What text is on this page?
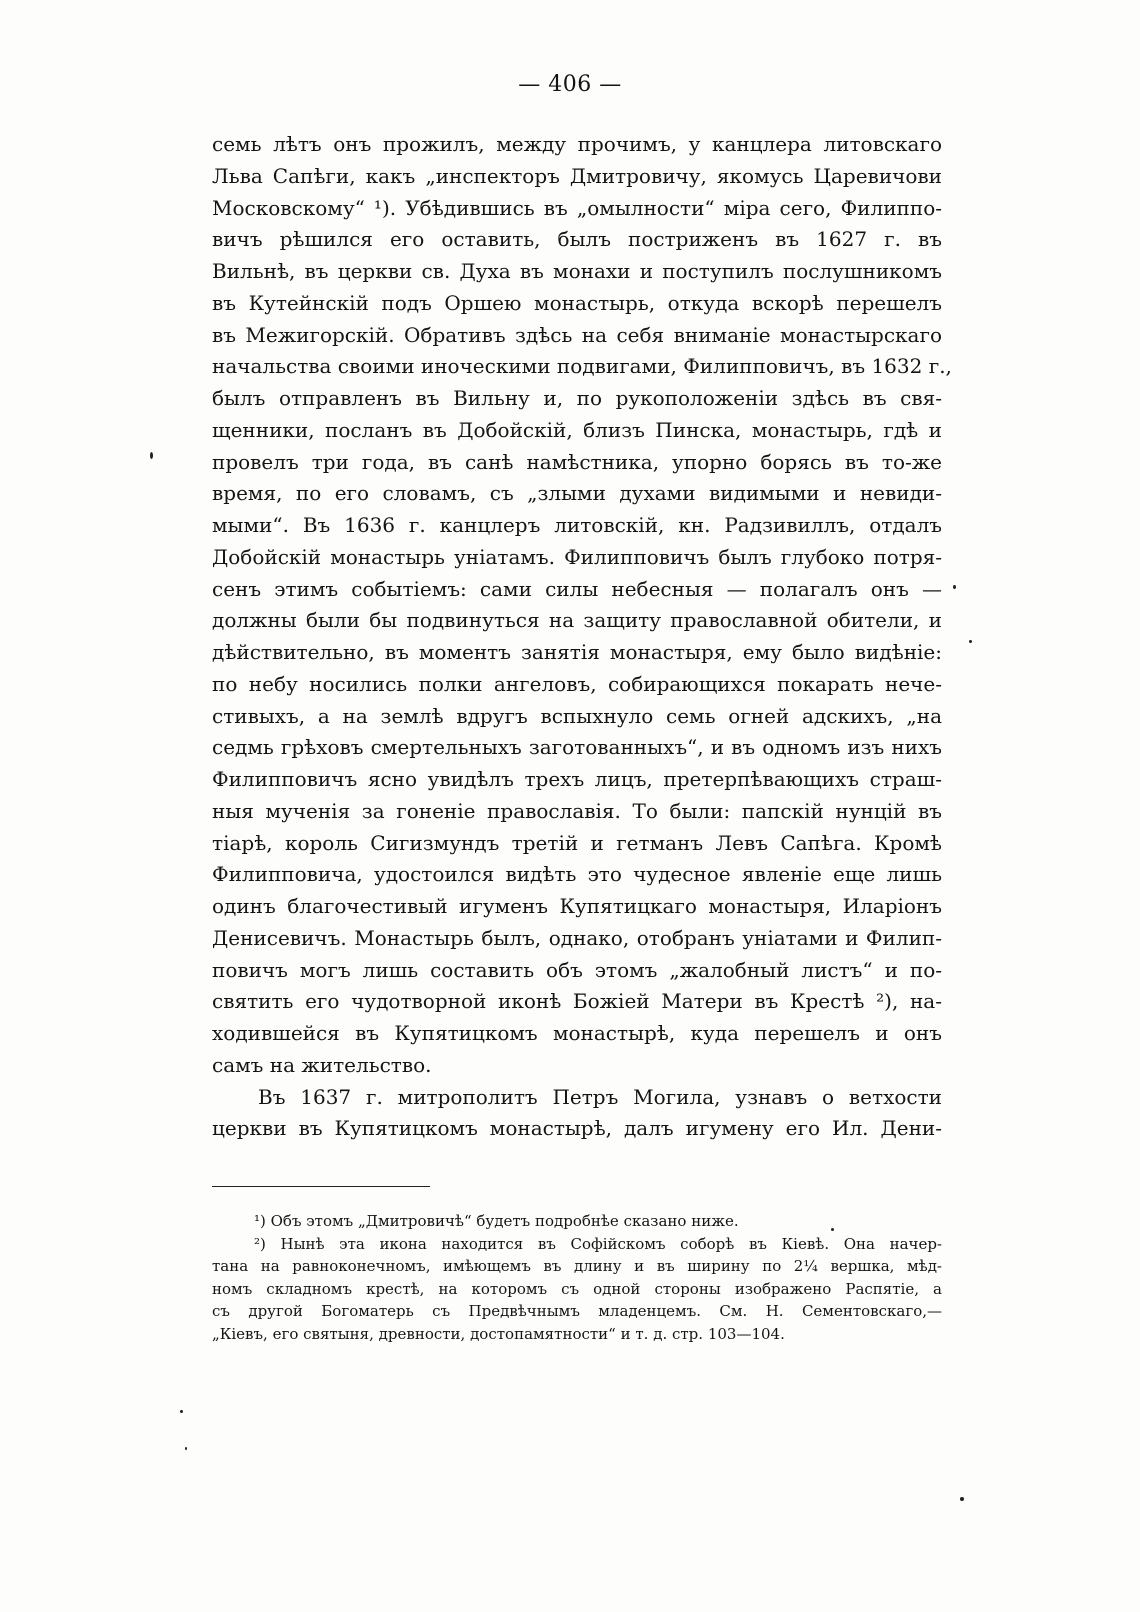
— 406 —
семь лѣтъ онъ прожилъ, между прочимъ, у канцлера литовскаго
Льва Сапѣги, какъ „инспекторъ Дмитровичу, якомусь Царевичови
Московскому“ ¹). Убѣдившись въ „омылности“ міра сего, Филиппо-
вичъ рѣшился его оставить, былъ постриженъ въ 1627 г. въ
Вильнѣ, въ церкви св. Духа въ монахи и поступилъ послушникомъ
въ Кутейнскій подъ Оршею монастырь, откуда вскорѣ перешелъ
въ Межигорскій. Обративъ здѣсь на себя вниманіе монастырскаго
начальства своими иноческими подвигами, Филипповичъ, въ 1632 г.,
былъ отправленъ въ Вильну и, по рукоположеніи здѣсь въ свя-
щенники, посланъ въ Добойскій, близъ Пинска, монастырь, гдѣ и
провелъ три года, въ санѣ намѣстника, упорно борясь въ то-же
время, по его словамъ, съ „злыми духами видимыми и невиди-
мыми“. Въ 1636 г. канцлеръ литовскій, кн. Радзивиллъ, отдалъ
Добойскій монастырь уніатамъ. Филипповичъ былъ глубоко потря-
сенъ этимъ событіемъ: сами силы небесныя — полагалъ онъ —
должны были бы подвинуться на защиту православной обители, и
дѣйствительно, въ моментъ занятія монастыря, ему было видѣніе:
по небу носились полки ангеловъ, собирающихся покарать нече-
стивыхъ, а на землѣ вдругъ вспыхнуло семь огней адскихъ, „на
седмь грѣховъ смертельныхъ заготованныхъ“, и въ одномъ изъ нихъ
Филипповичъ ясно увидѣлъ трехъ лицъ, претерпѣвающихъ страш-
ныя мученія за гоненіе православія. То были: папскій нунцій въ
тіарѣ, король Сигизмундъ третій и гетманъ Левъ Сапѣга. Кромѣ
Филипповича, удостоился видѣть это чудесное явленіе еще лишь
одинъ благочестивый игуменъ Купятицкаго монастыря, Иларіонъ
Денисевичъ. Монастырь былъ, однако, отобранъ уніатами и Филип-
повичъ могъ лишь составить объ этомъ „жалобный листъ“ и по-
святить его чудотворной иконѣ Божіей Матери въ Крестѣ ²), на-
ходившейся въ Купятицкомъ монастырѣ, куда перешелъ и онъ
самъ на жительство.
Въ 1637 г. митрополитъ Петръ Могила, узнавъ о ветхости
церкви въ Купятицкомъ монастырѣ, далъ игумену его Ил. Дени-
¹) Объ этомъ „Дмитровичѣ“ будетъ подробнѣе сказано ниже.
²) Нынѣ эта икона находится въ Софійскомъ соборѣ въ Кіевѣ. Она начер-
тана на равноконечномъ, имѣющемъ въ длину и въ ширину по 2¼ вершка, мѣд-
номъ складномъ крестѣ, на которомъ съ одной стороны изображено Распятіе, а
съ другой Богоматерь съ Предвѣчнымъ младенцемъ. См. Н. Сементовскаго,—
„Кіевъ, его святыня, древности, достопамятности“ и т. д. стр. 103—104.
